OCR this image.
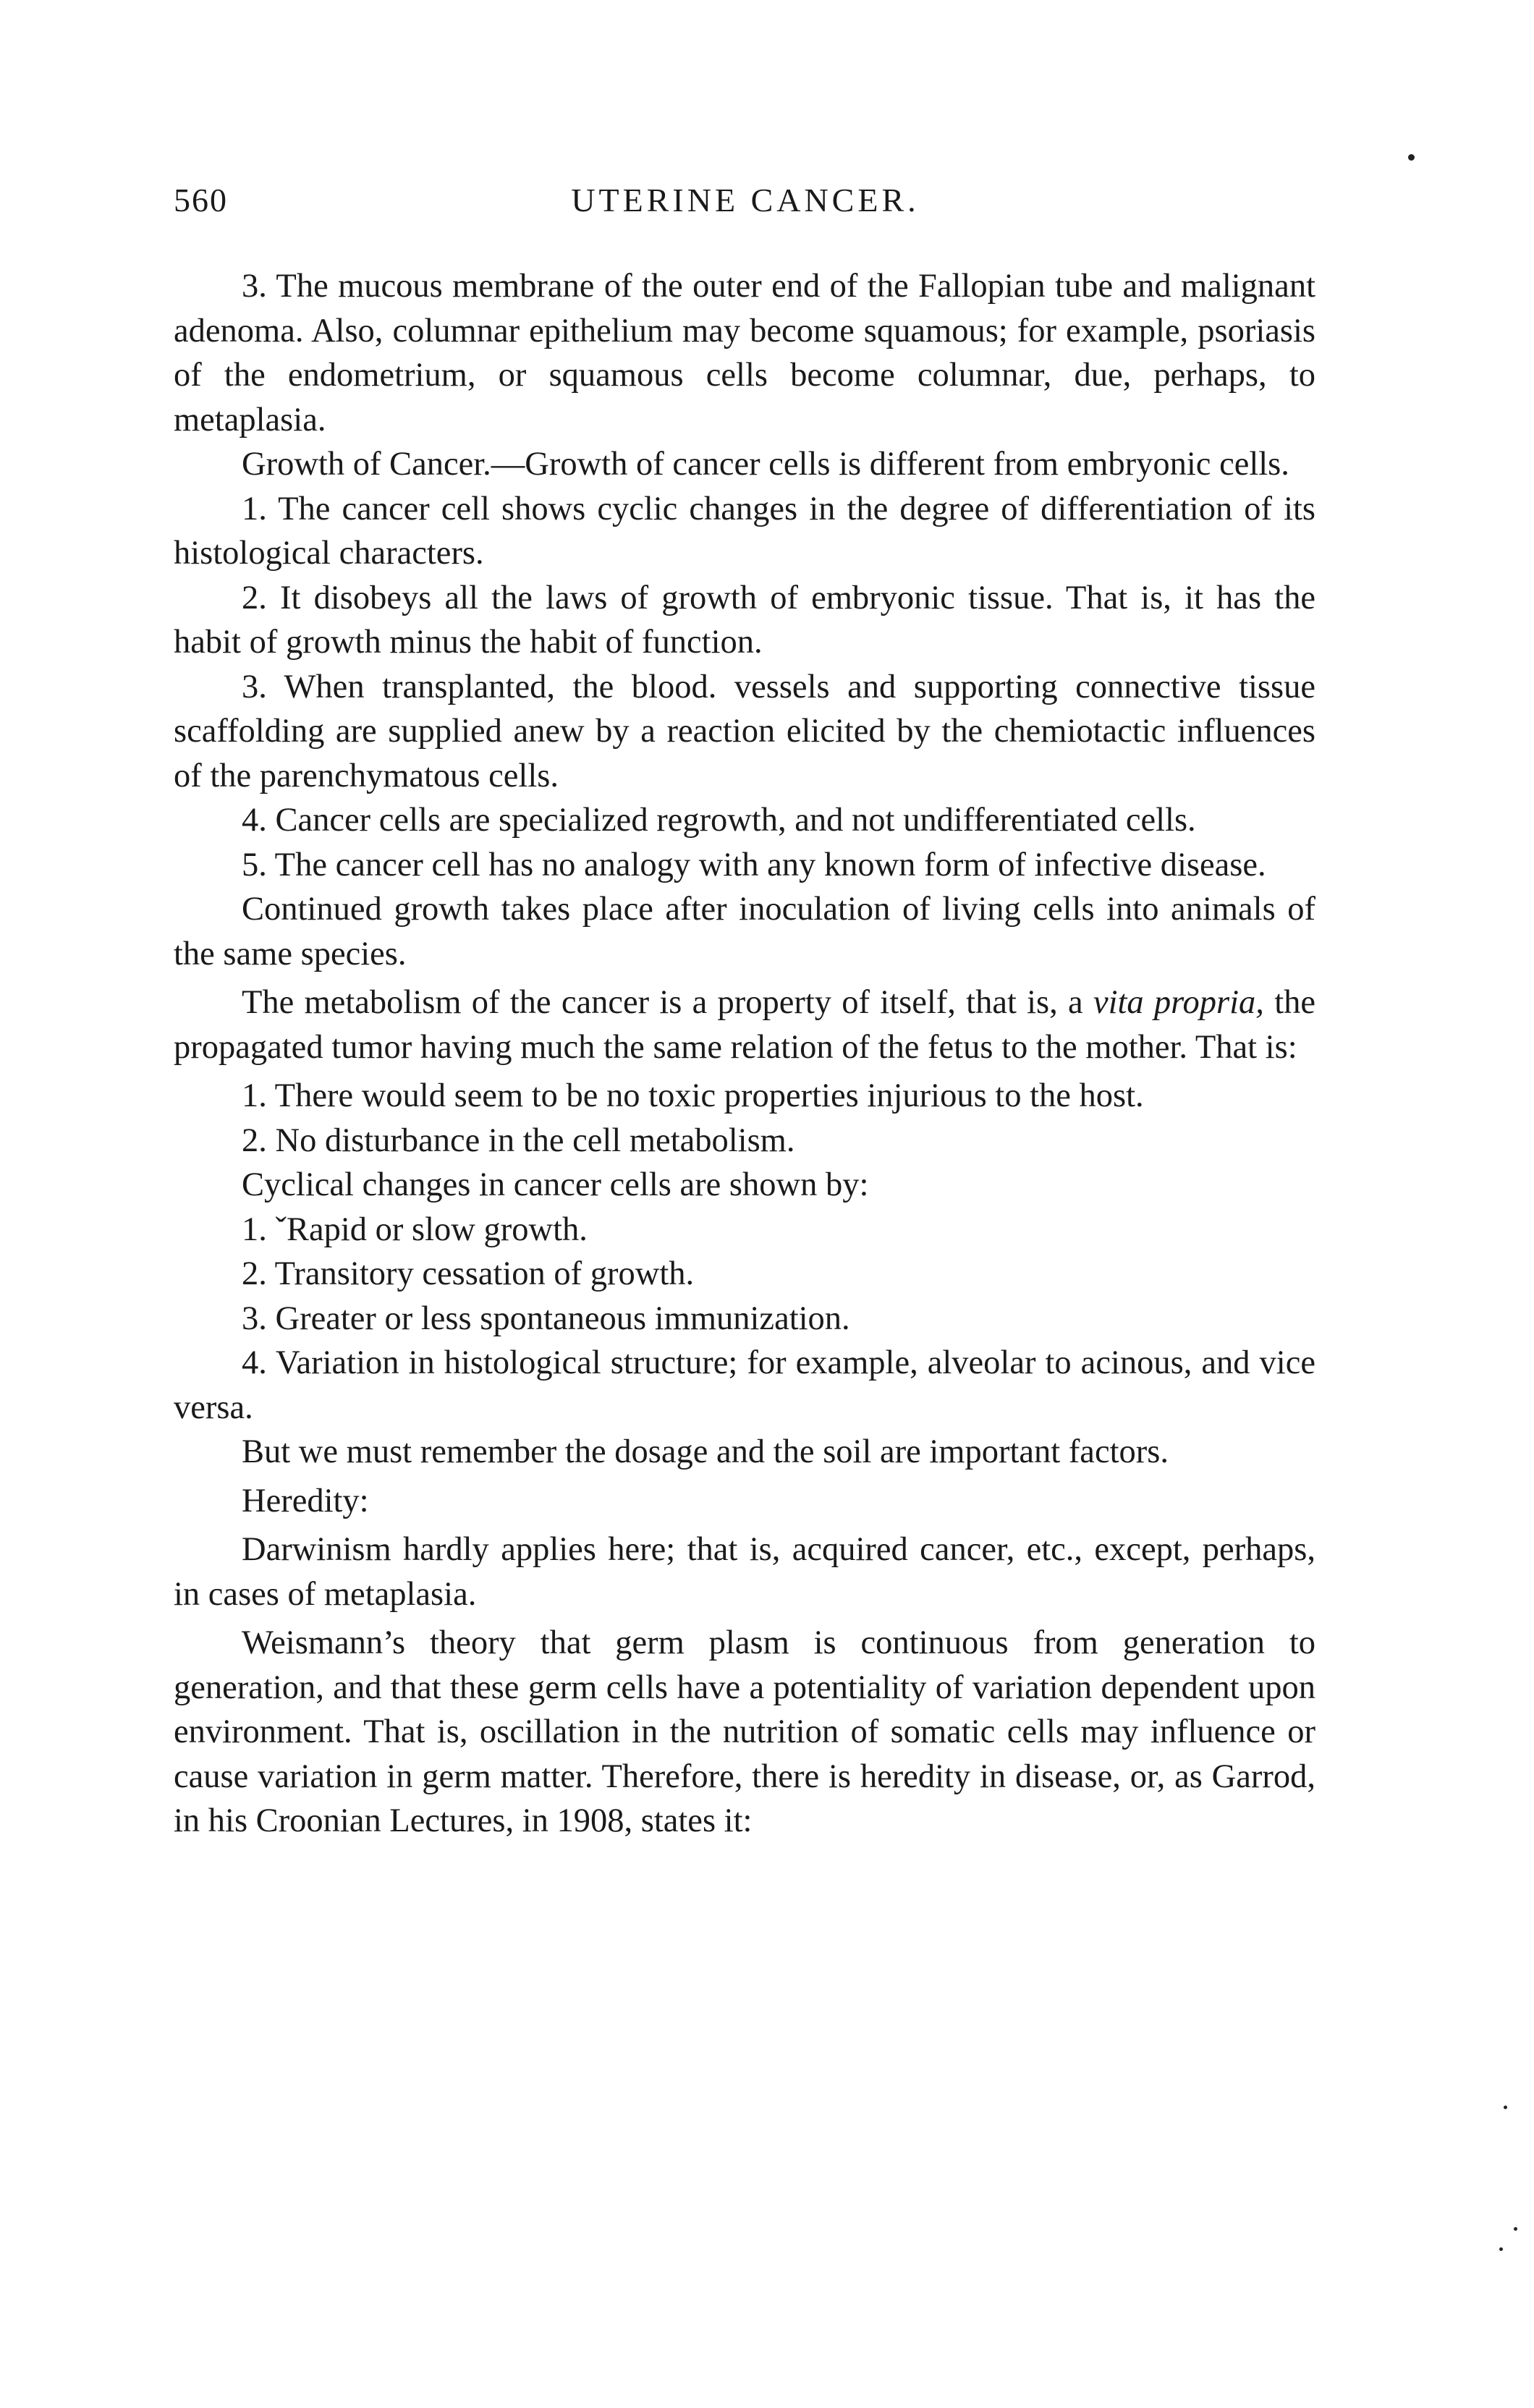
560	UTERINE CANCER.

3. The mucous membrane of the outer end of the Fallopian tube and malignant adenoma. Also, columnar epithelium may become squamous; for example, psoriasis of the endometrium, or squamous cells become columnar, due, perhaps, to metaplasia.

Growth of Cancer.—Growth of cancer cells is different from embryonic cells.

1. The cancer cell shows cyclic changes in the degree of differentiation of its histological characters.

2. It disobeys all the laws of growth of embryonic tissue. That is, it has the habit of growth minus the habit of function.

3. When transplanted, the blood. vessels and supporting connective tissue scaffolding are supplied anew by a reaction elicited by the chemiotactic influences of the parenchymatous cells.

4. Cancer cells are specialized regrowth, and not undifferentiated cells.

5. The cancer cell has no analogy with any known form of infective disease.

Continued growth takes place after inoculation of living cells into animals of the same species.

The metabolism of the cancer is a property of itself, that is, a vita propria, the propagated tumor having much the same relation of the fetus to the mother. That is:

1. There would seem to be no toxic properties injurious to the host.

2. No disturbance in the cell metabolism.

Cyclical changes in cancer cells are shown by:

1. ˇRapid or slow growth.

2. Transitory cessation of growth.

3. Greater or less spontaneous immunization.

4. Variation in histological structure; for example, alveolar to acinous, and vice versa.

But we must remember the dosage and the soil are important factors.

Heredity:

Darwinism hardly applies here; that is, acquired cancer, etc., except, perhaps, in cases of metaplasia.

Weismann’s theory that germ plasm is continuous from generation to generation, and that these germ cells have a potentiality of variation dependent upon environment. That is, oscillation in the nutrition of somatic cells may influence or cause variation in germ matter. Therefore, there is heredity in disease, or, as Garrod, in his Croonian Lectures, in 1908, states it:
